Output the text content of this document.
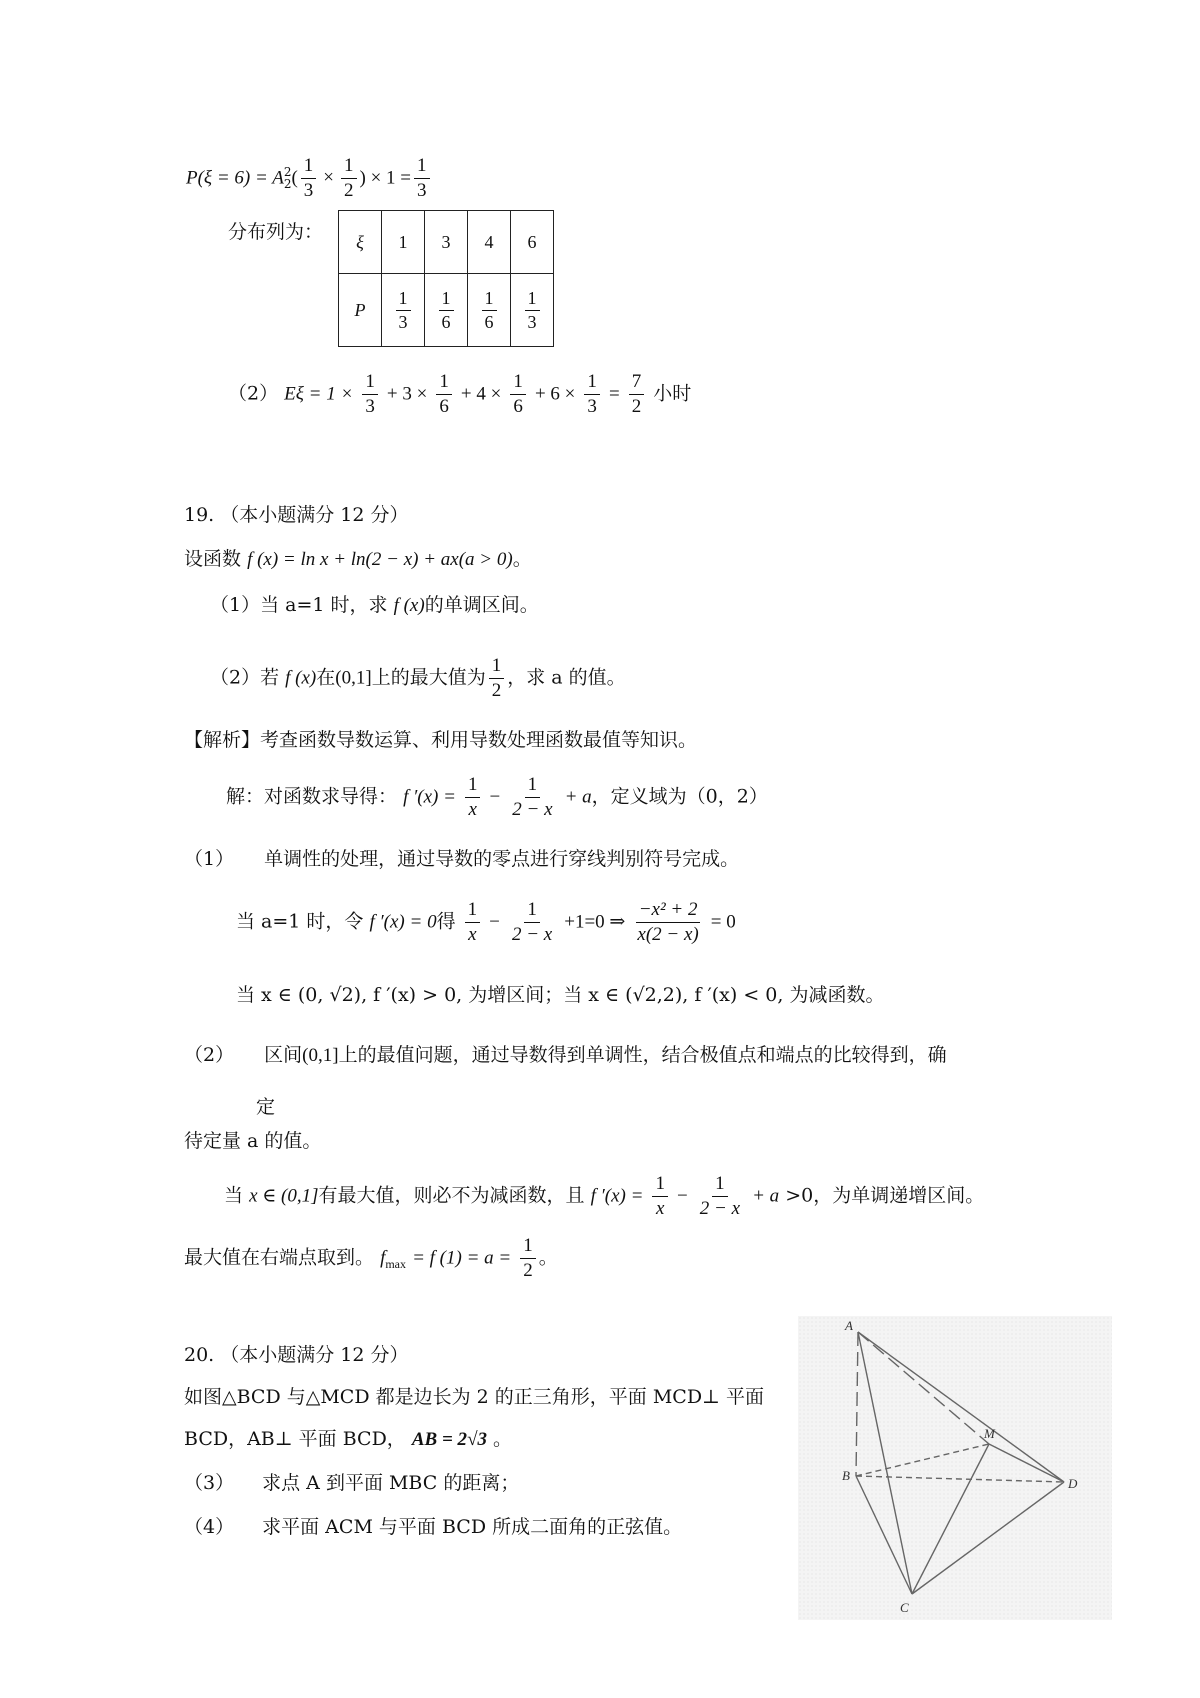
P(ξ = 6) = A 2
2 ( $\frac{1}{3} \times \frac{1}{2}$ ) × $1 = \frac{1}{3}$
分布列为： ξ	1	3	4	6
P	$\frac{1}{3}$	$\frac{1}{6}$	$\frac{1}{6}$	$\frac{1}{3}$
（2） $E\xi = 1 \times \frac{1}{3} + 3 \times \frac{1}{6} + 4 \times \frac{1}{6} + 6 \times \frac{1}{3} = \frac{7}{2}$ 小时
19. （本小题满分 12 分）
设函数 f (x) = ln x + ln(2 − x) + ax(a > 0)。
（1）当 a=1 时，求 f (x)的单调区间。
（2）若 f (x)在(0,1]上的最大值为 $\frac{1}{2}$ ，求 a 的值。
【解析】考查函数导数运算、利用导数处理函数最值等知识。
解：对函数求导得： f $'(x) = \frac{1}{x} - \frac{1}{2 - x} + a$，定义域为（0，2）
（1） 单调性的处理，通过导数的零点进行穿线判别符号完成。
当 a=1 时，令 f ′(x) = 0得 $\frac{1}{x} - \frac{1}{2 - x} +1=0$ ⇒ $\frac{\text{−x² + 2}}{x(2 - x)} = 0$
当 x ∈ (0, √2), f ′(x) > 0, 为增区间；当 x ∈ (√2,2), f ′(x) < 0, 为减函数。
（2） 区间(0,1]上的最值问题，通过导数得到单调性，结合极值点和端点的比较得到，确
定
待定量 a 的值。
当 x ∈ (0,1]有最大值，则必不为减函数，且 f $'(x) = \frac{1}{x} - \frac{1}{2 - x} + a >0$，为单调递增区间。
最大值在右端点取到。 $f_{max} = f$ $(1) = a = \frac{1}{2}$ 。
20. （本小题满分 12 分）
如图△BCD 与△MCD 都是边长为 2 的正三角形，平面 MCD⊥ 平面
BCD，AB⊥ 平面 BCD， AB = 2√3 。
（3） 求点 A 到平面 MBC 的距离；
（4） 求平面 ACM 与平面 BCD 所成二面角的正弦值。
A
B
C
D
M
